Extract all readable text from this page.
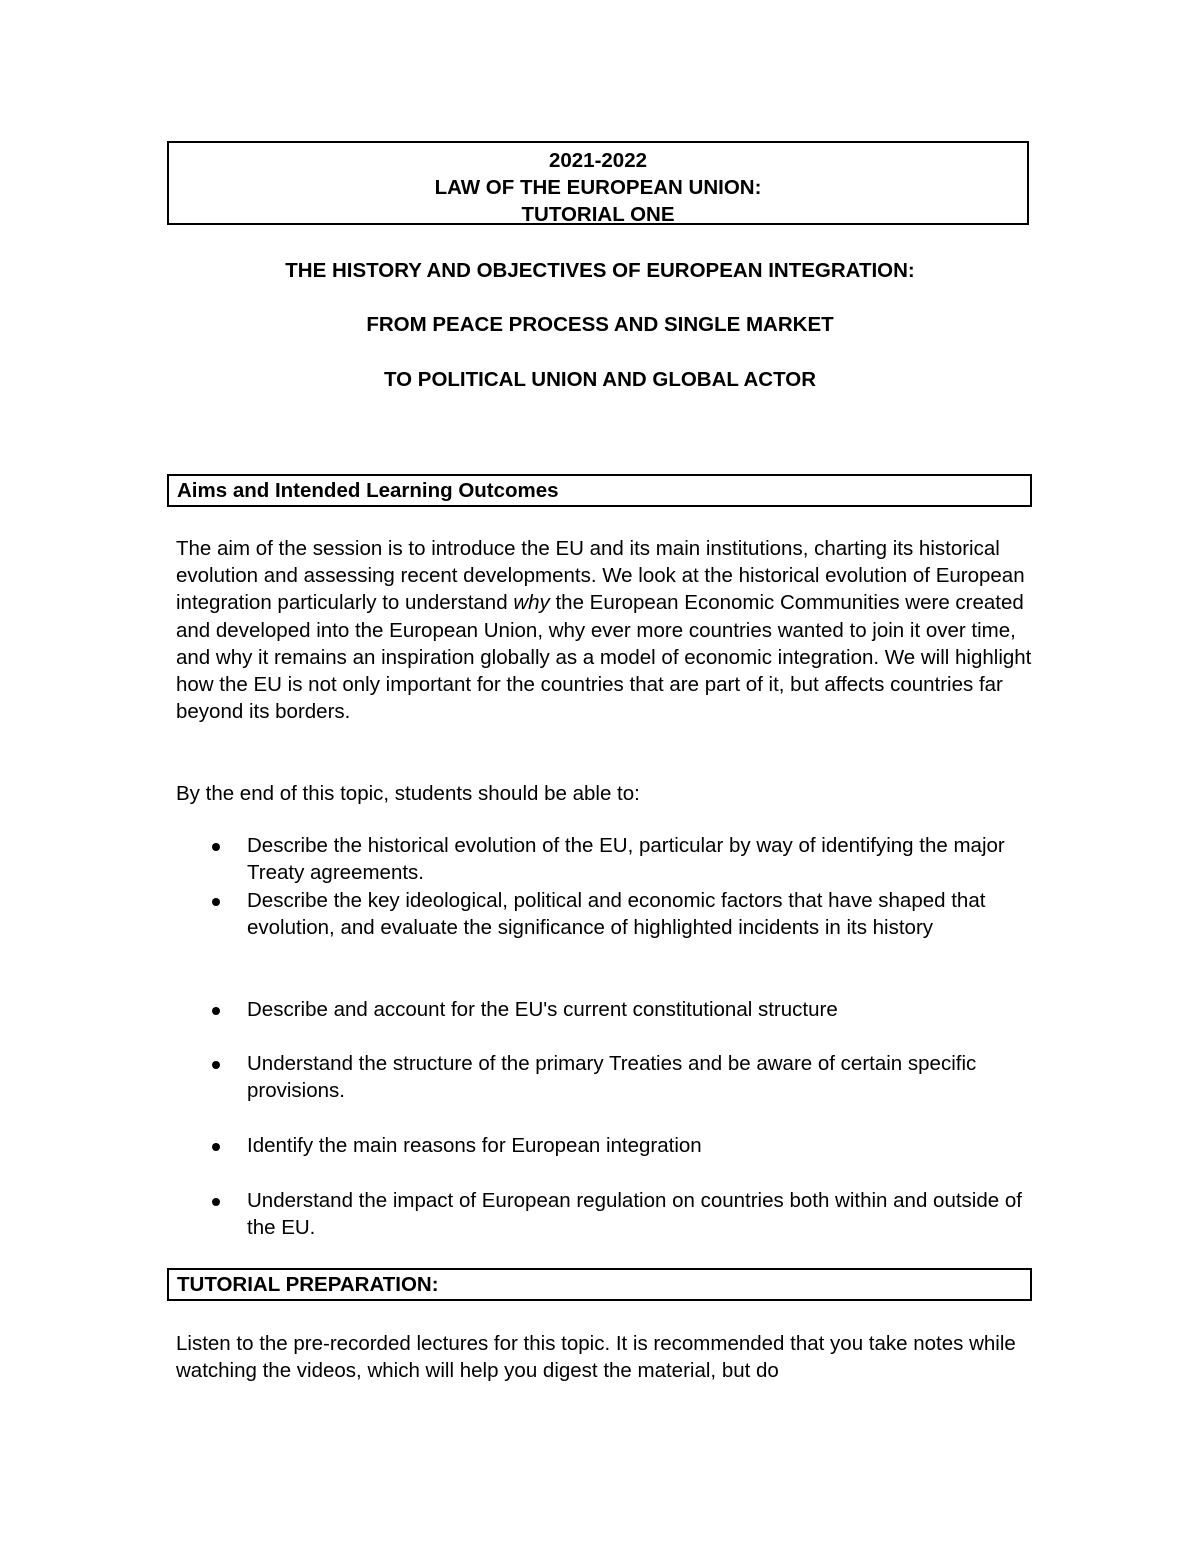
2021-2022
LAW OF THE EUROPEAN UNION:
TUTORIAL ONE
THE HISTORY AND OBJECTIVES OF EUROPEAN INTEGRATION:
FROM PEACE PROCESS AND SINGLE MARKET
TO POLITICAL UNION AND GLOBAL ACTOR
Aims and Intended Learning Outcomes
The aim of the session is to introduce the EU and its main institutions, charting its historical evolution and assessing recent developments. We look at the historical evolution of European integration particularly to understand why the European Economic Communities were created and developed into the European Union, why ever more countries wanted to join it over time, and why it remains an inspiration globally as a model of economic integration. We will highlight how the EU is not only important for the countries that are part of it, but affects countries far beyond its borders.
By the end of this topic, students should be able to:
Describe the historical evolution of the EU, particular by way of identifying the major Treaty agreements.
Describe the key ideological, political and economic factors that have shaped that evolution, and evaluate the significance of highlighted incidents in its history
Describe and account for the EU's current constitutional structure
Understand the structure of the primary Treaties and be aware of certain specific provisions.
Identify the main reasons for European integration
Understand the impact of European regulation on countries both within and outside of the EU.
TUTORIAL PREPARATION:
Listen to the pre-recorded lectures for this topic. It is recommended that you take notes while watching the videos, which will help you digest the material, but do
